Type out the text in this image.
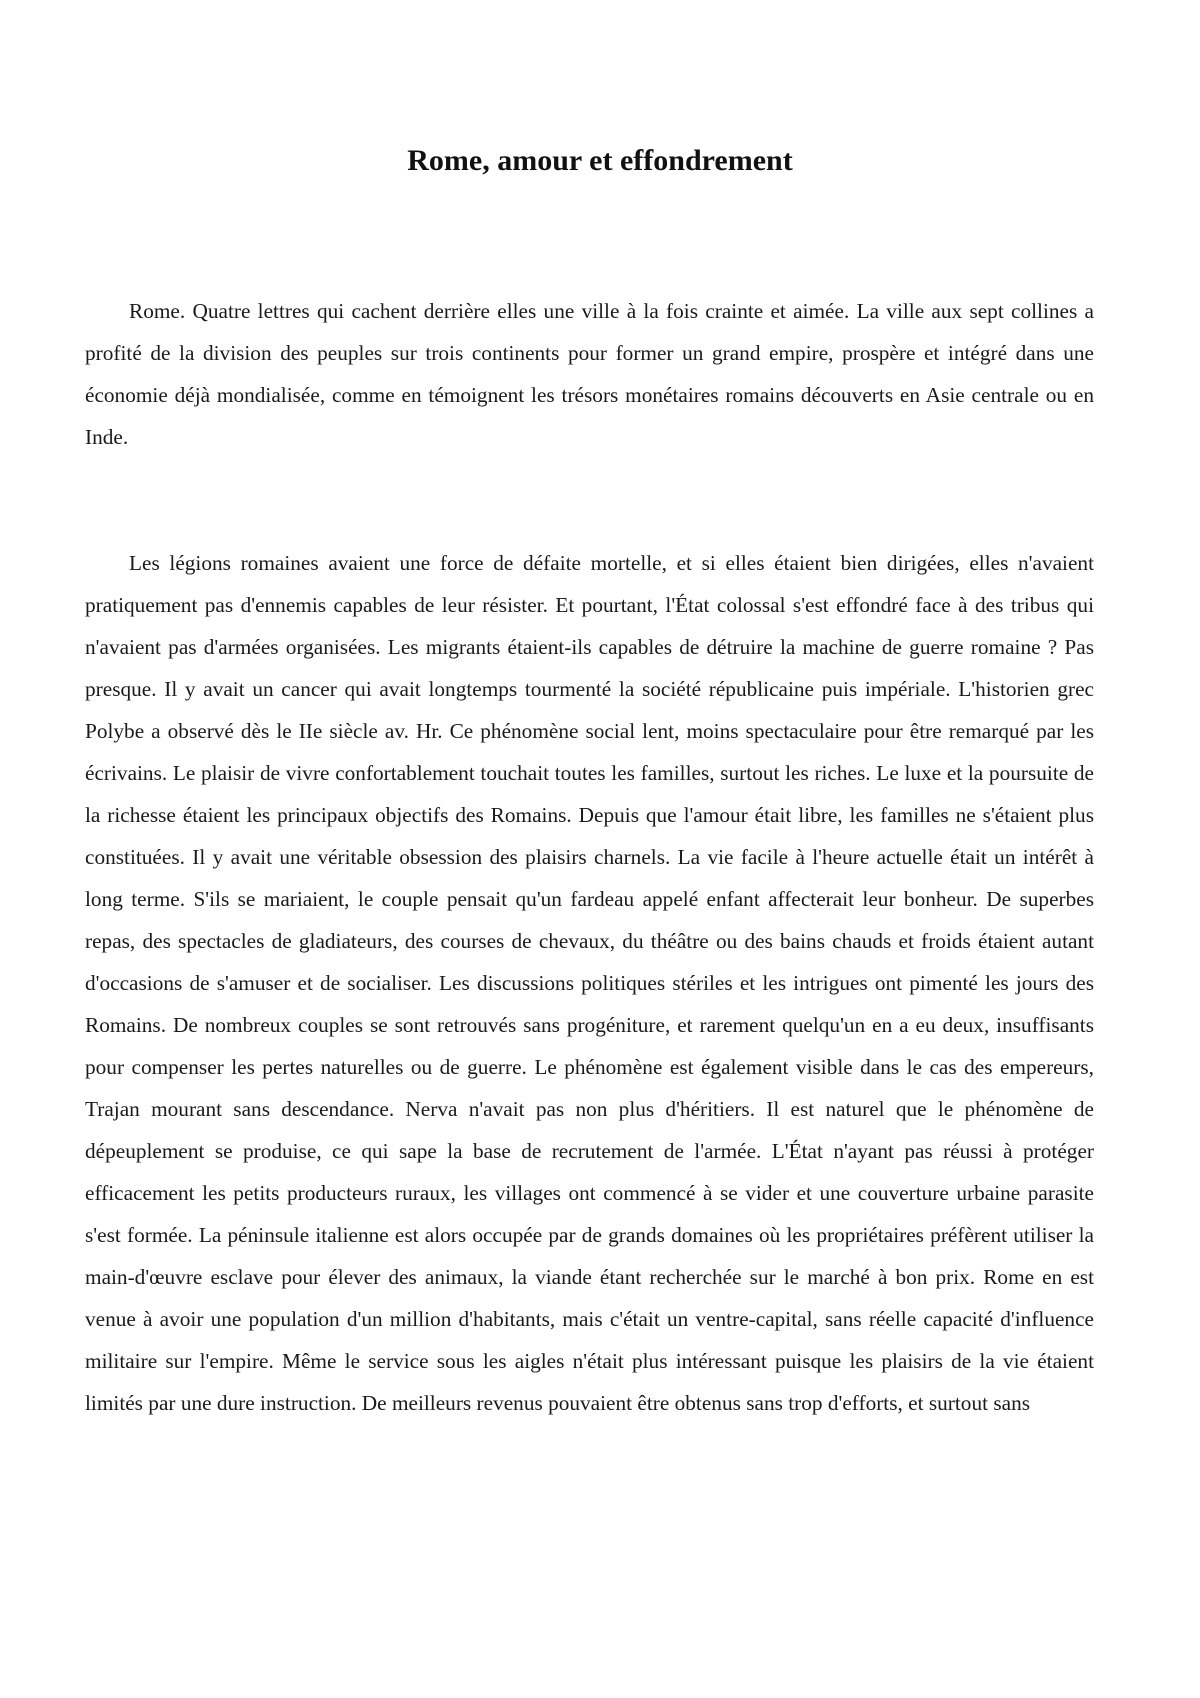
Rome, amour et effondrement

Rome. Quatre lettres qui cachent derrière elles une ville à la fois crainte et aimée. La ville aux sept collines a profité de la division des peuples sur trois continents pour former un grand empire, prospère et intégré dans une économie déjà mondialisée, comme en témoignent les trésors monétaires romains découverts en Asie centrale ou en Inde.

Les légions romaines avaient une force de défaite mortelle, et si elles étaient bien dirigées, elles n'avaient pratiquement pas d'ennemis capables de leur résister. Et pourtant, l'État colossal s'est effondré face à des tribus qui n'avaient pas d'armées organisées. Les migrants étaient-ils capables de détruire la machine de guerre romaine ? Pas presque. Il y avait un cancer qui avait longtemps tourmenté la société républicaine puis impériale. L'historien grec Polybe a observé dès le IIe siècle av. Hr. Ce phénomène social lent, moins spectaculaire pour être remarqué par les écrivains. Le plaisir de vivre confortablement touchait toutes les familles, surtout les riches. Le luxe et la poursuite de la richesse étaient les principaux objectifs des Romains. Depuis que l'amour était libre, les familles ne s'étaient plus constituées. Il y avait une véritable obsession des plaisirs charnels. La vie facile à l'heure actuelle était un intérêt à long terme. S'ils se mariaient, le couple pensait qu'un fardeau appelé enfant affecterait leur bonheur. De superbes repas, des spectacles de gladiateurs, des courses de chevaux, du théâtre ou des bains chauds et froids étaient autant d'occasions de s'amuser et de socialiser. Les discussions politiques stériles et les intrigues ont pimenté les jours des Romains. De nombreux couples se sont retrouvés sans progéniture, et rarement quelqu'un en a eu deux, insuffisants pour compenser les pertes naturelles ou de guerre. Le phénomène est également visible dans le cas des empereurs, Trajan mourant sans descendance. Nerva n'avait pas non plus d'héritiers. Il est naturel que le phénomène de dépeuplement se produise, ce qui sape la base de recrutement de l'armée. L'État n'ayant pas réussi à protéger efficacement les petits producteurs ruraux, les villages ont commencé à se vider et une couverture urbaine parasite s'est formée. La péninsule italienne est alors occupée par de grands domaines où les propriétaires préfèrent utiliser la main-d'œuvre esclave pour élever des animaux, la viande étant recherchée sur le marché à bon prix. Rome en est venue à avoir une population d'un million d'habitants, mais c'était un ventre-capital, sans réelle capacité d'influence militaire sur l'empire. Même le service sous les aigles n'était plus intéressant puisque les plaisirs de la vie étaient limités par une dure instruction. De meilleurs revenus pouvaient être obtenus sans trop d'efforts, et surtout sans
